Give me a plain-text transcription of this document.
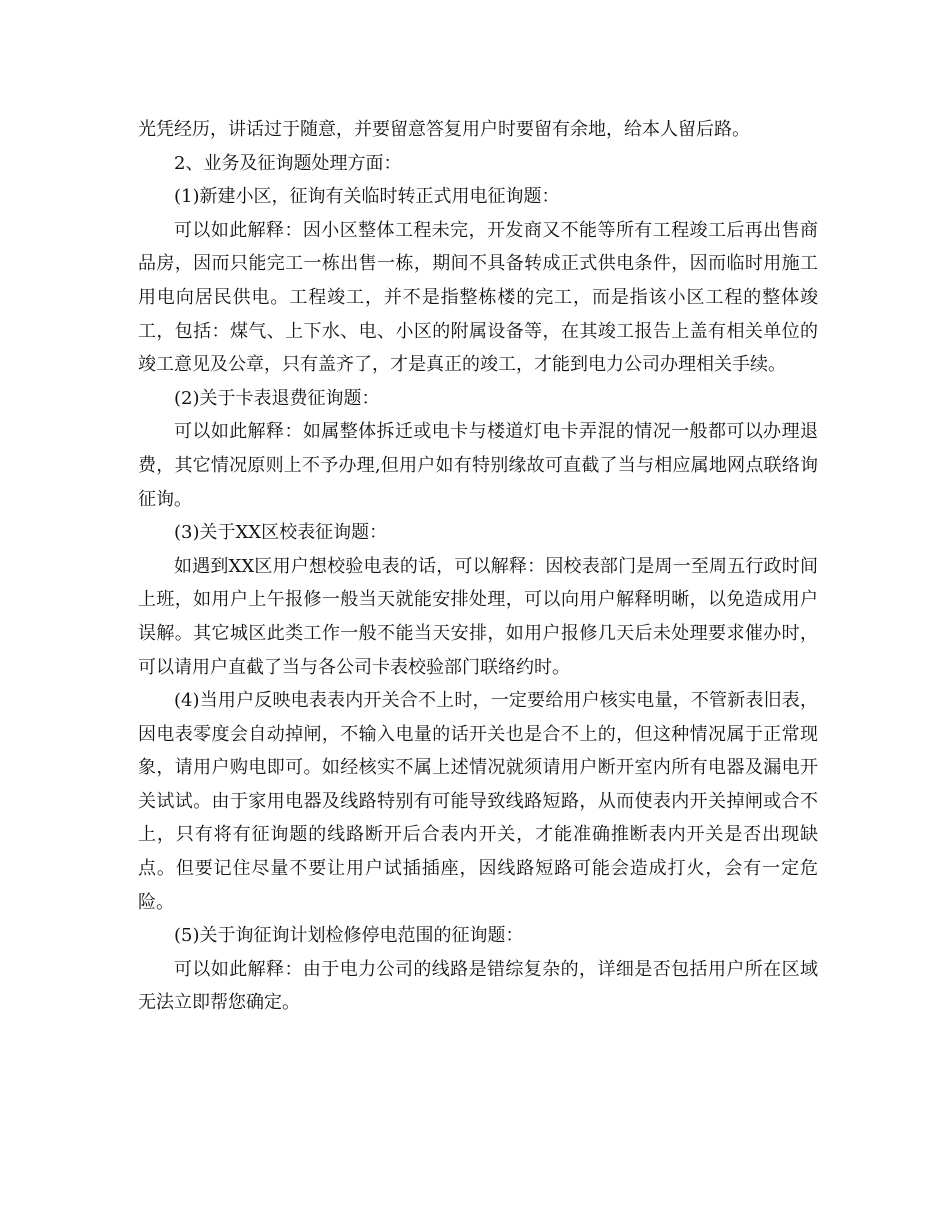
光凭经历，讲话过于随意，并要留意答复用户时要留有余地，给本人留后路。

2、业务及征询题处理方面：

(1)新建小区，征询有关临时转正式用电征询题：

可以如此解释：因小区整体工程未完，开发商又不能等所有工程竣工后再出售商品房，因而只能完工一栋出售一栋，期间不具备转成正式供电条件，因而临时用施工用电向居民供电。工程竣工，并不是指整栋楼的完工，而是指该小区工程的整体竣工，包括：煤气、上下水、电、小区的附属设备等，在其竣工报告上盖有相关单位的竣工意见及公章，只有盖齐了，才是真正的竣工，才能到电力公司办理相关手续。

(2)关于卡表退费征询题：

可以如此解释：如属整体拆迁或电卡与楼道灯电卡弄混的情况一般都可以办理退费，其它情况原则上不予办理,但用户如有特别缘故可直截了当与相应属地网点联络询征询。

(3)关于XX区校表征询题：

如遇到XX区用户想校验电表的话，可以解释：因校表部门是周一至周五行政时间上班，如用户上午报修一般当天就能安排处理，可以向用户解释明晰，以免造成用户误解。其它城区此类工作一般不能当天安排，如用户报修几天后未处理要求催办时，可以请用户直截了当与各公司卡表校验部门联络约时。

(4)当用户反映电表表内开关合不上时，一定要给用户核实电量，不管新表旧表，因电表零度会自动掉闸，不输入电量的话开关也是合不上的，但这种情况属于正常现象，请用户购电即可。如经核实不属上述情况就须请用户断开室内所有电器及漏电开关试试。由于家用电器及线路特别有可能导致线路短路，从而使表内开关掉闸或合不上，只有将有征询题的线路断开后合表内开关，才能准确推断表内开关是否出现缺点。但要记住尽量不要让用户试插插座，因线路短路可能会造成打火，会有一定危险。

(5)关于询征询计划检修停电范围的征询题：

可以如此解释：由于电力公司的线路是错综复杂的，详细是否包括用户所在区域无法立即帮您确定。
